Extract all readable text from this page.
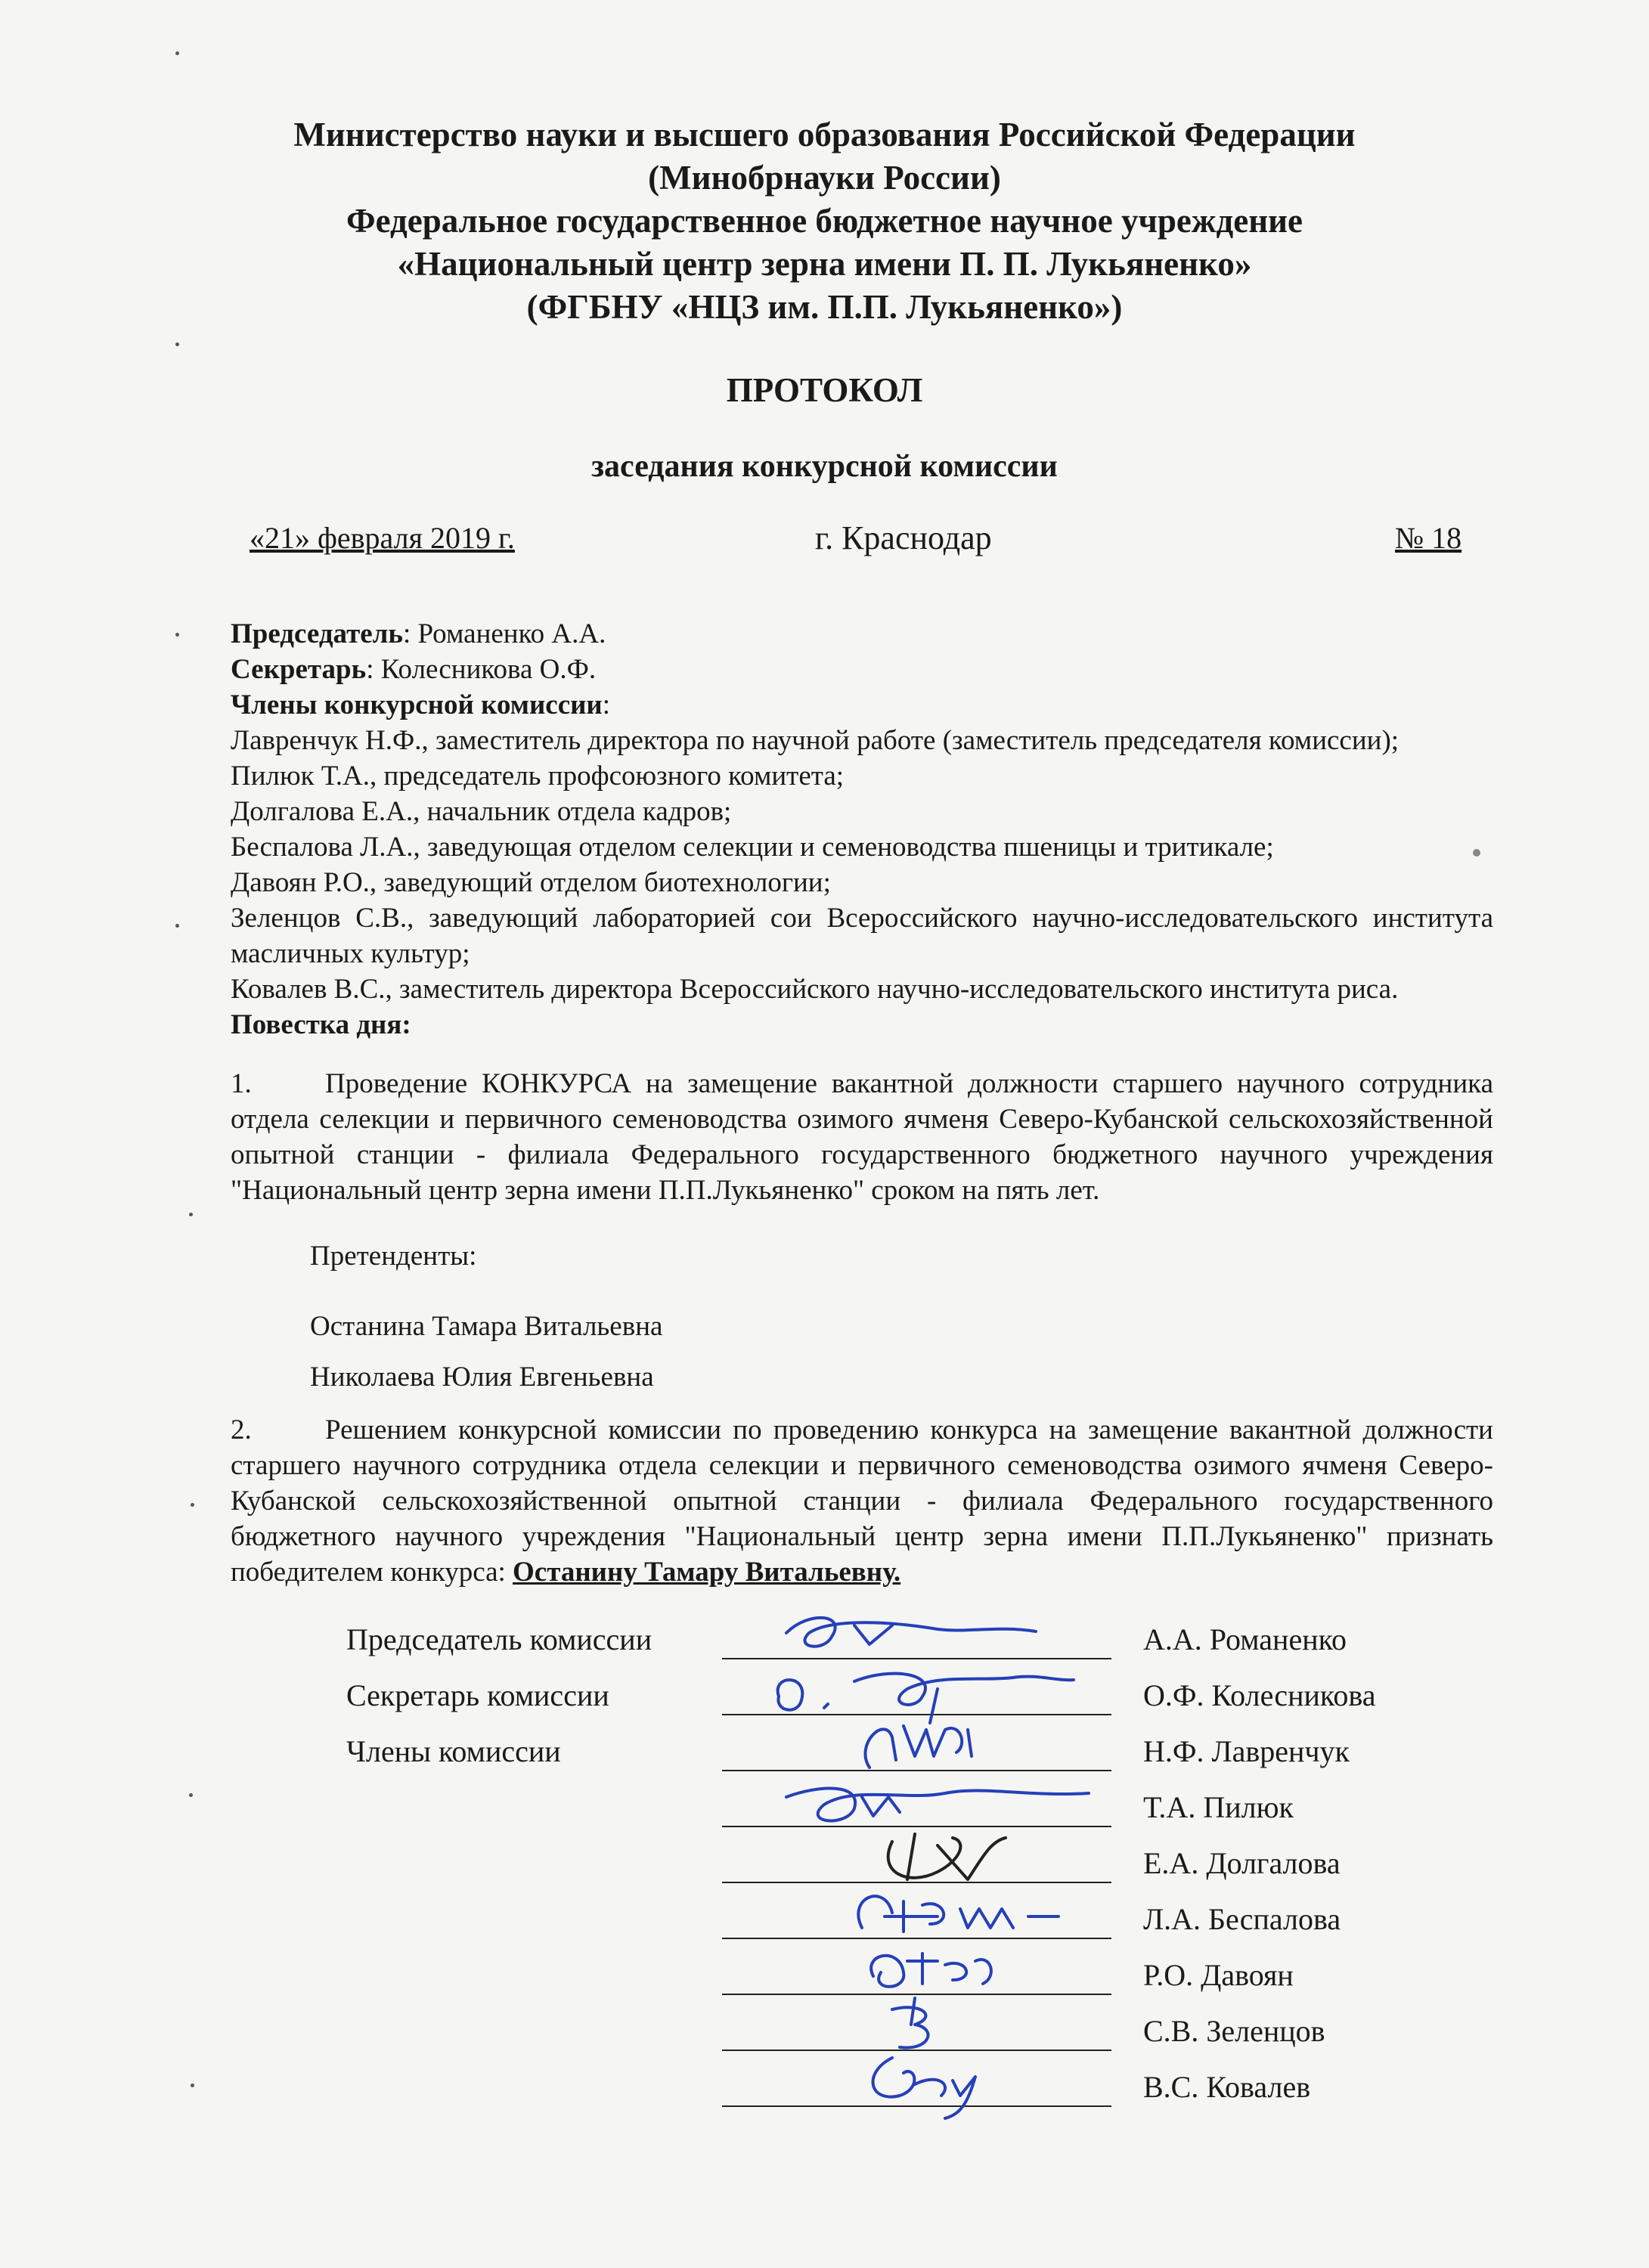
Министерство науки и высшего образования Российской Федерации
(Минобрнауки России)
Федеральное государственное бюджетное научное учреждение
«Национальный центр зерна имени П. П. Лукьяненко»
(ФГБНУ «НЦЗ им. П.П. Лукьяненко»)
ПРОТОКОЛ
заседания конкурсной комиссии
«21» февраля 2019 г.	г. Краснодар	№ 18
Председатель: Романенко А.А.
Секретарь: Колесникова О.Ф.
Члены конкурсной комиссии:
Лавренчук Н.Ф., заместитель директора по научной работе (заместитель председателя комиссии);
Пилюк Т.А., председатель профсоюзного комитета;
Долгалова Е.А., начальник отдела кадров;
Беспалова Л.А., заведующая отделом селекции и семеноводства пшеницы и тритикале;
Давоян Р.О., заведующий отделом биотехнологии;
Зеленцов С.В., заведующий лабораторией сои Всероссийского научно-исследовательского института масличных культур;
Ковалев В.С., заместитель директора Всероссийского научно-исследовательского института риса.
Повестка дня:
1.	Проведение КОНКУРСА на замещение вакантной должности старшего научного сотрудника отдела селекции и первичного семеноводства озимого ячменя Северо-Кубанской сельскохозяйственной опытной станции - филиала Федерального государственного бюджетного научного учреждения "Национальный центр зерна имени П.П.Лукьяненко" сроком на пять лет.
Претенденты:
Останина Тамара Витальевна
Николаева Юлия Евгеньевна
2.	Решением конкурсной комиссии по проведению конкурса на замещение вакантной должности старшего научного сотрудника отдела селекции и первичного семеноводства озимого ячменя Северо-Кубанской сельскохозяйственной опытной станции - филиала Федерального государственного бюджетного научного учреждения "Национальный центр зерна имени П.П.Лукьяненко" признать победителем конкурса: Останину Тамару Витальевну.
Председатель комиссии	А.А. Романенко
Секретарь комиссии	О.Ф. Колесникова
Члены комиссии	Н.Ф. Лавренчук
Т.А. Пилюк
Е.А. Долгалова
Л.А. Беспалова
Р.О. Давоян
С.В. Зеленцов
В.С. Ковалев
